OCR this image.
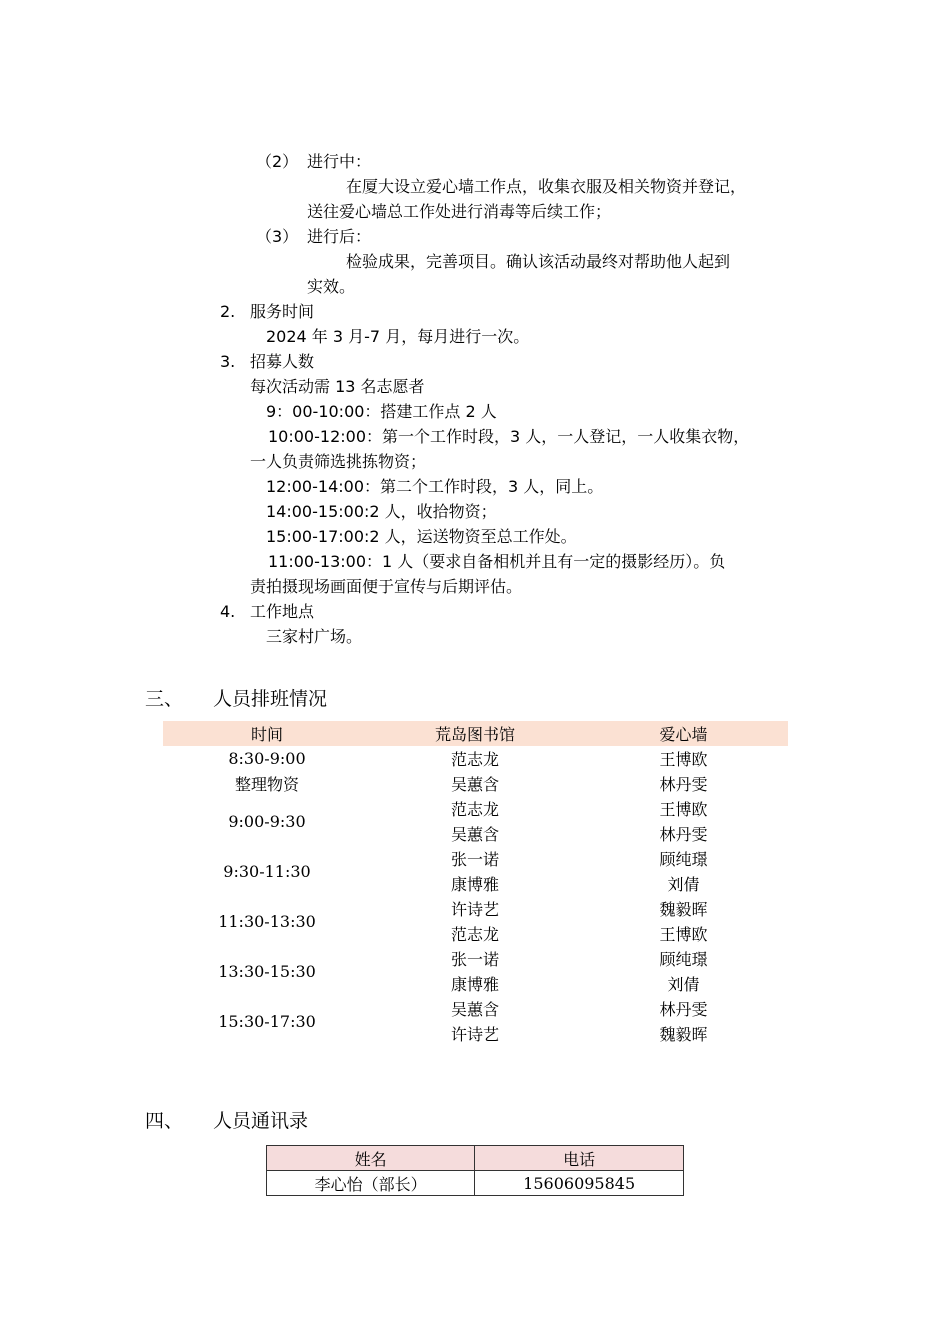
（2） 进行中：
在厦大设立爱心墙工作点，收集衣服及相关物资并登记，
送往爱心墙总工作处进行消毒等后续工作；
（3） 进行后：
检验成果，完善项目。确认该活动最终对帮助他人起到
实效。
2. 服务时间
2024 年 3 月-7 月，每月进行一次。
3. 招募人数
每次活动需 13 名志愿者
9：00-10:00：搭建工作点 2 人
10:00-12:00：第一个工作时段，3 人，一人登记，一人收集衣物，
一人负责筛选挑拣物资；
12:00-14:00：第二个工作时段，3 人，同上。
14:00-15:00:2 人，收拾物资；
15:00-17:00:2 人，运送物资至总工作处。
11:00-13:00：1 人（要求自备相机并且有一定的摄影经历）。负
责拍摄现场画面便于宣传与后期评估。
4. 工作地点
三家村广场。
三、 人员排班情况
时间	荒岛图书馆	爱心墙
8:30-9:00	范志龙	王博欧
整理物资	吴蕙含	林丹雯
9:00-9:30	范志龙	王博欧
	吴蕙含	林丹雯
9:30-11:30	张一诺	顾纯璟
	康博雅	刘倩
11:30-13:30	许诗艺	魏毅晖
	范志龙	王博欧
13:30-15:30	张一诺	顾纯璟
	康博雅	刘倩
15:30-17:30	吴蕙含	林丹雯
	许诗艺	魏毅晖
四、 人员通讯录
姓名	电话
李心怡（部长）	15606095845
